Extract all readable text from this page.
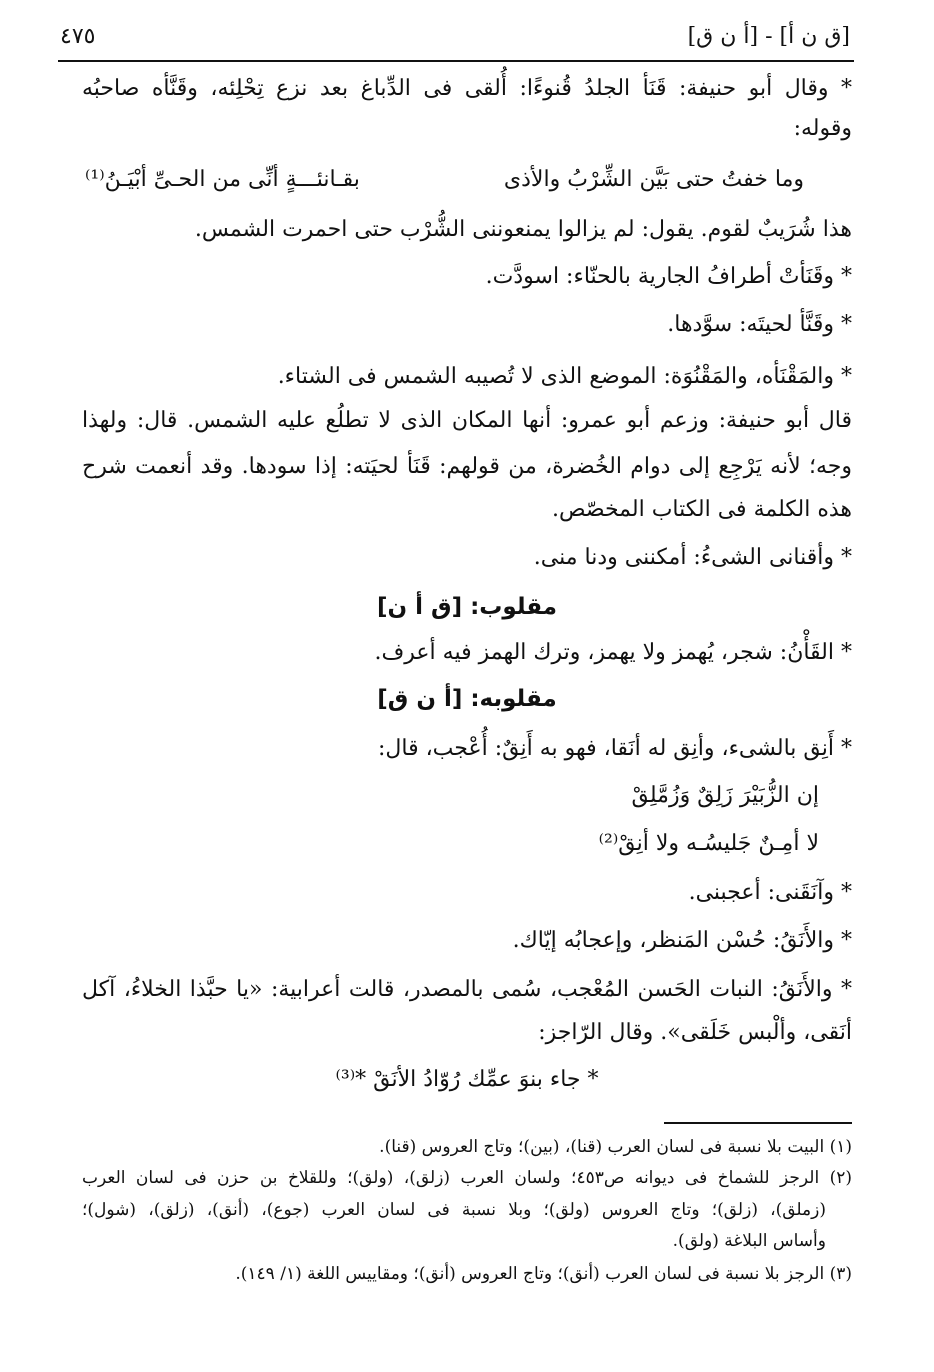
[ق ن أ] - [أ ن ق]
٤٧٥
* وقال أبو حنيفة: قَنَأ الجلدُ قُنوءًا: أُلقى فى الدِّباغ بعد نزع تِحْلِئه، وقَنَّأه صاحبُه
وقوله:
وما خفتُ حتى بَيَّن الشِّرْبُ والأذى
بقـانئـــةٍ أنِّى من الحـىِّ أبْيَـنُ⁽¹⁾
هذا شُرَيبٌ لقوم. يقول: لم يزالوا يمنعوننى الشُّرْب حتى احمرت الشمس.
* وقَنَأتْ أطرافُ الجارية بالحنّاء: اسودَّت.
* وقَنَّأ لحيتَه: سوَّدها.
* والمَقْنَأه، والمَقْنُوَة: الموضع الذى لا تُصيبه الشمس فى الشتاء.
قال أبو حنيفة: وزعم أبو عمرو: أنها المكان الذى لا تطلُع عليه الشمس. قال: ولهذا
وجه؛ لأنه يَرْجِع إلى دوام الخُضرة، من قولهم: قَنَأ لحيَته: إذا سودها. وقد أنعمت شرح
هذه الكلمة فى الكتاب المخصّص.
* وأقنانى الشىءُ: أمكننى ودنا منى.
مقلوب: [ق أ ن]
* القَأْنُ: شجر، يُهمز ولا يهمز، وترك الهمز فيه أعرف.
مقلوبه: [أ ن ق]
* أَنِق بالشىء، وأنِق له أنَقا، فهو به أَنِقٌ: أُعْجب، قال:
إن الزُّبَيْرَ زَلِقٌ وَزُمَّلِقْ
لا أمِـنٌ جَليسُـه ولا أنِقْ⁽²⁾
* وآنَقَنى: أعجبنى.
* والأَنَقُ: حُسْن المَنظر، وإعجابُه إيّاك.
* والأَنَقُ: النبات الحَسن المُعْجب، سُمى بالمصدر، قالت أعرابية: «يا حبَّذا الخلاءُ، آكل
أنَقى، وألْبس خَلَقى». وقال الرّاجز:
* جاء بنوَ عمِّك رُوّادُ الأنَقْ *⁽³⁾
(١) البيت بلا نسبة فى لسان العرب (قنا)، (بين)؛ وتاج العروس (قنا).
(٢) الرجز للشماخ فى ديوانه ص٤٥٣؛ ولسان العرب (زلق)، (ولق)؛ وللقلاخ بن حزن فى لسان العرب
(زملق)، (زلق)؛ وتاج العروس (ولق)؛ وبلا نسبة فى لسان العرب (جوع)، (أنق)، (زلق)، (شول)؛
وأساس البلاغة (ولق).
(٣) الرجز بلا نسبة فى لسان العرب (أنق)؛ وتاج العروس (أنق)؛ ومقاييس اللغة (١/ ١٤٩).
